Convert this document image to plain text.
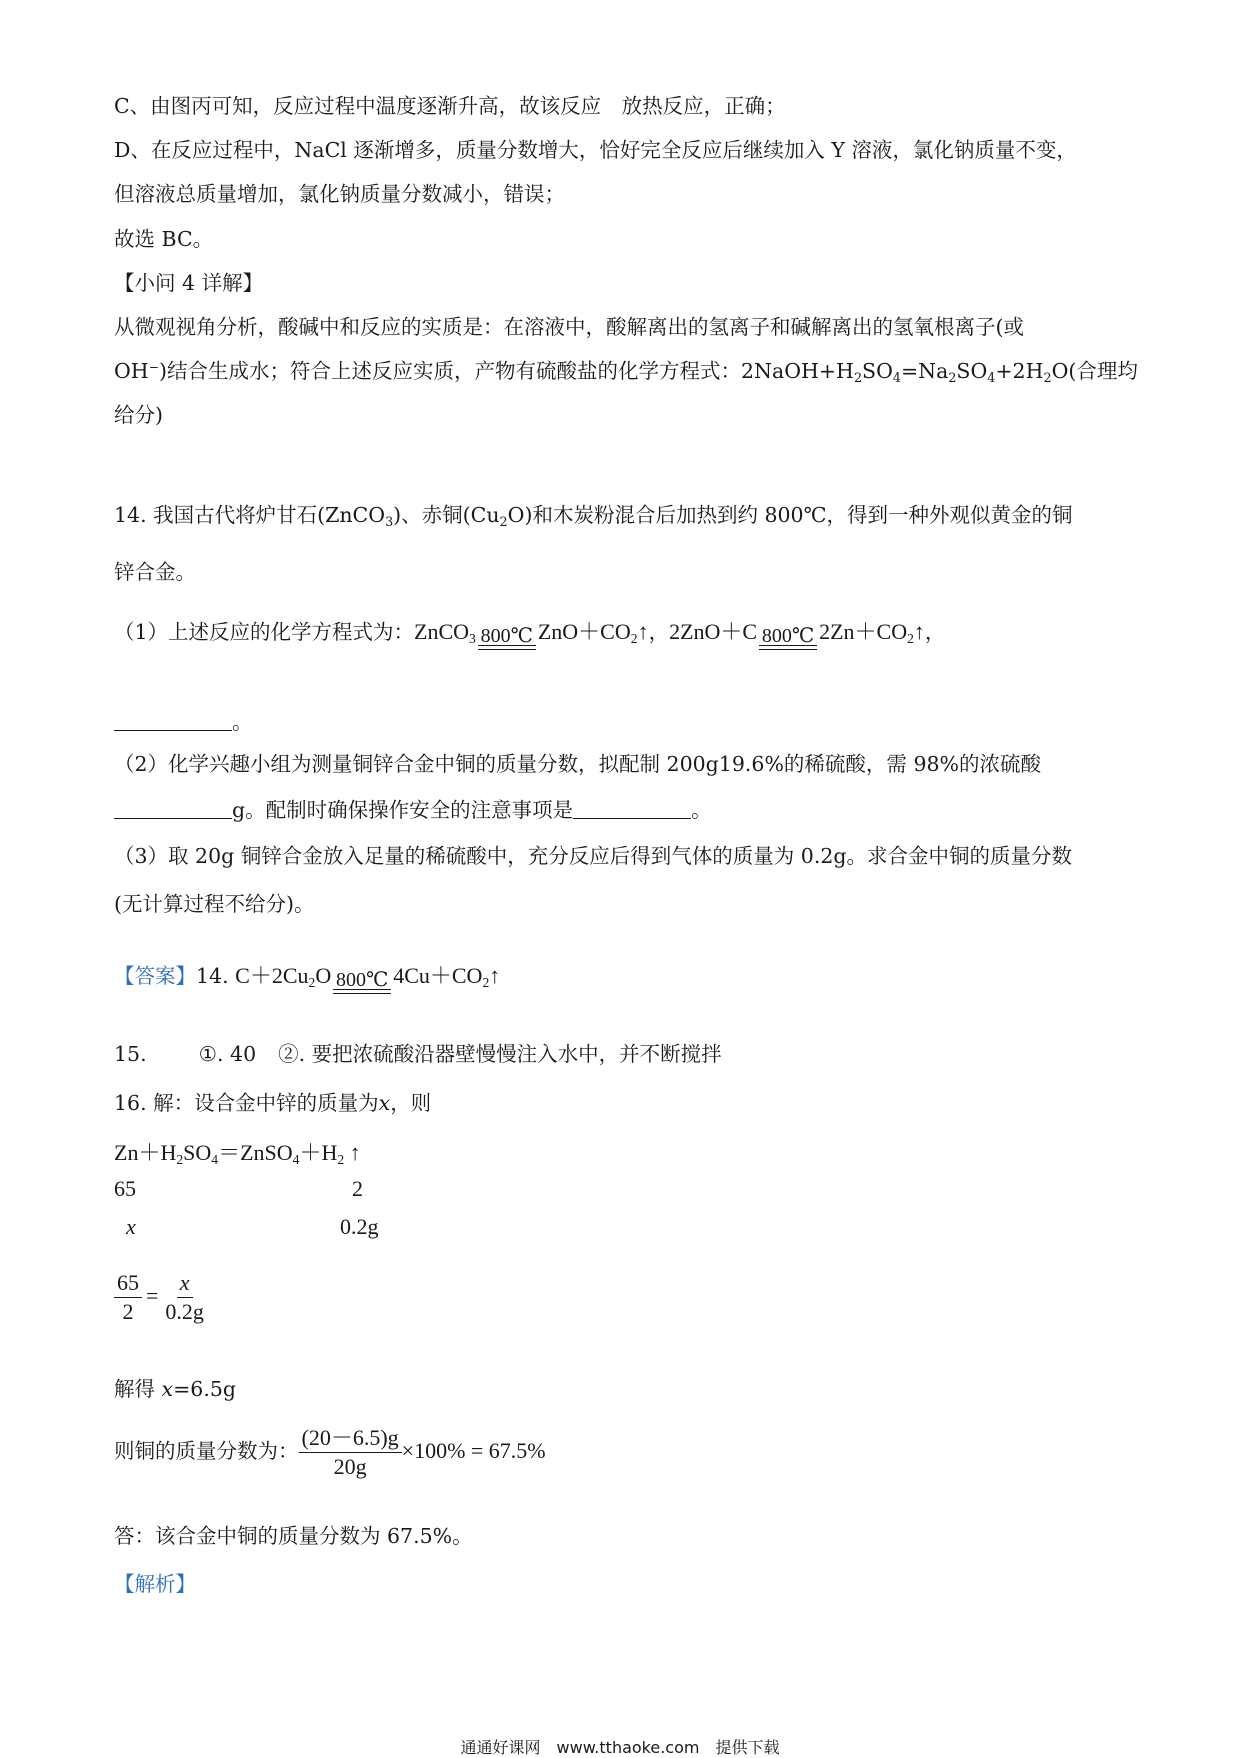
C、由图丙可知，反应过程中温度逐渐升高，故该反应　放热反应，正确；
D、在反应过程中，NaCl 逐渐增多，质量分数增大，恰好完全反应后继续加入 Y 溶液，氯化钠质量不变，
但溶液总质量增加，氯化钠质量分数减小，错误；
故选 BC。
【小问 4 详解】
从微观视角分析，酸碱中和反应的实质是：在溶液中，酸解离出的氢离子和碱解离出的氢氧根离子(或
OH−)结合生成水；符合上述反应实质，产物有硫酸盐的化学方程式：$2NaOH+H_2SO_4=Na_2SO_4+2H_2O$(合理均
给分)
14. 我国古代将炉甘石(ZnCO$_3$)、赤铜$(Cu_2O)$和木炭粉混合后加热到约 800℃，得到一种外观似黄金的铜
锌合金。
（1）上述反应的化学方程式为：ZnCO$_3$ 800℃ $ZnO+CO_2↑$，2ZnO＋C 800℃ $2Zn+CO_2↑$，
。
（2）化学兴趣小组为测量铜锌合金中铜的质量分数，拟配制 200g19.6%的稀硫酸，需 98%的浓硫酸
g。配制时确保操作安全的注意事项是	。
（3）取 20g 铜锌合金放入足量的稀硫酸中，充分反应后得到气体的质量为 0.2g。求合金中铜的质量分数
(无计算过程不给分)。
【答案】14. $C+2Cu_2O$ 800℃ $4Cu+CO_2↑$
15.	①. 40 ②. 要把浓硫酸沿器壁慢慢注入水中，并不断搅拌
16. 解：设合金中锌的质量为x，则
$Zn+H_2SO_4=ZnSO_4+H_2$ ↑
65	2
x	0.2g
$\frac{65}{2} = \frac{x}{0.2g}$
解得 x=6.5g
则铜的质量分数为： $\frac{(20-6.5)g}{20g} \times 100\% = 67.5\%$
答：该合金中铜的质量分数为 67.5%。
【解析】
通通好课网　www.tthaoke.com　提供下载
